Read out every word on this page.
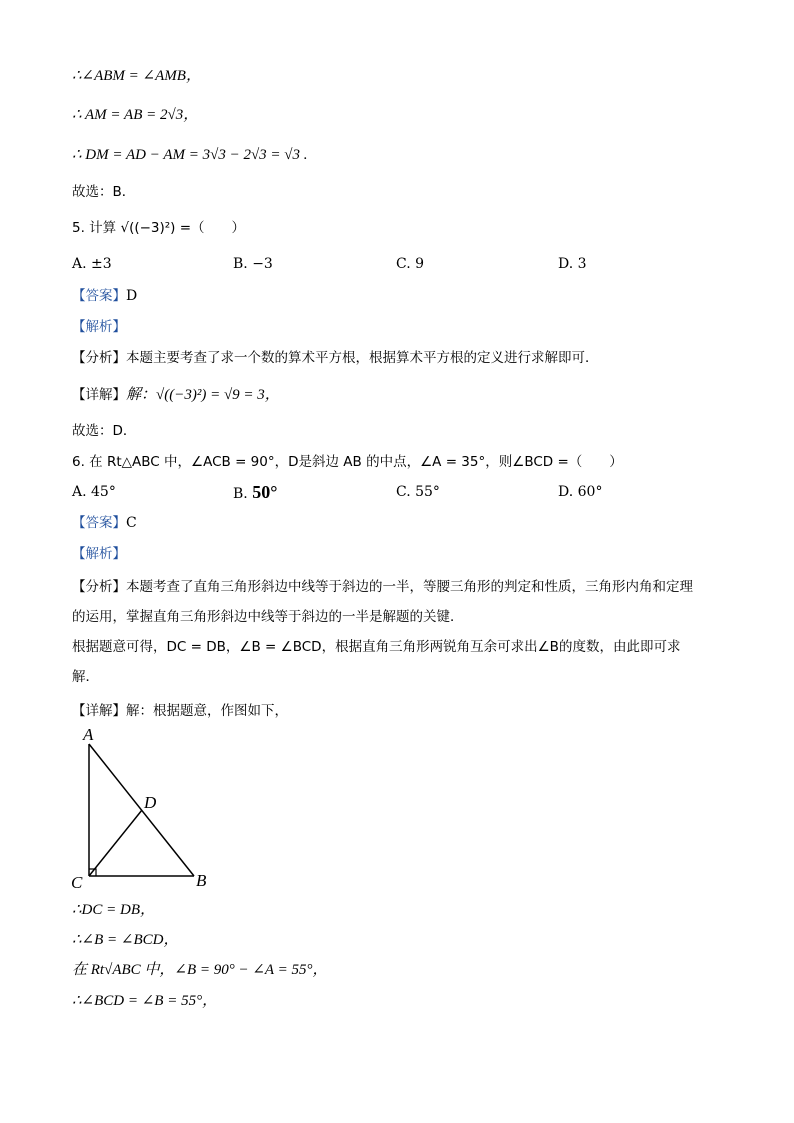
∴∠ABM = ∠AMB，
∴ AM = AB = 2√3，
∴ DM = AD − AM = 3√3 − 2√3 = √3 .
故选：B．
5. 计算 √((−3)²) =（　　）
A. ±3	B. −3	C. 9	D. 3
【答案】D
【解析】
【分析】本题主要考查了求一个数的算术平方根，根据算术平方根的定义进行求解即可．
【详解】解：√((−3)²) = √9 = 3，
故选：D．
6. 在 Rt△ABC 中，∠ACB = 90°，D是斜边 AB 的中点，∠A = 35°，则∠BCD =（　　）
A. 45°	B. 50°	C. 55°	D. 60°
【答案】C
【解析】
【分析】本题考查了直角三角形斜边中线等于斜边的一半，等腰三角形的判定和性质，三角形内角和定理
的运用，掌握直角三角形斜边中线等于斜边的一半是解题的关键．
根据题意可得，DC = DB，∠B = ∠BCD，根据直角三角形两锐角互余可求出∠B的度数，由此即可求
解．
【详解】解：根据题意，作图如下，
A
D
C	B
∴DC = DB，
∴∠B = ∠BCD，
在 Rt√ABC 中，∠B = 90° − ∠A = 55°，
∴∠BCD = ∠B = 55°，
